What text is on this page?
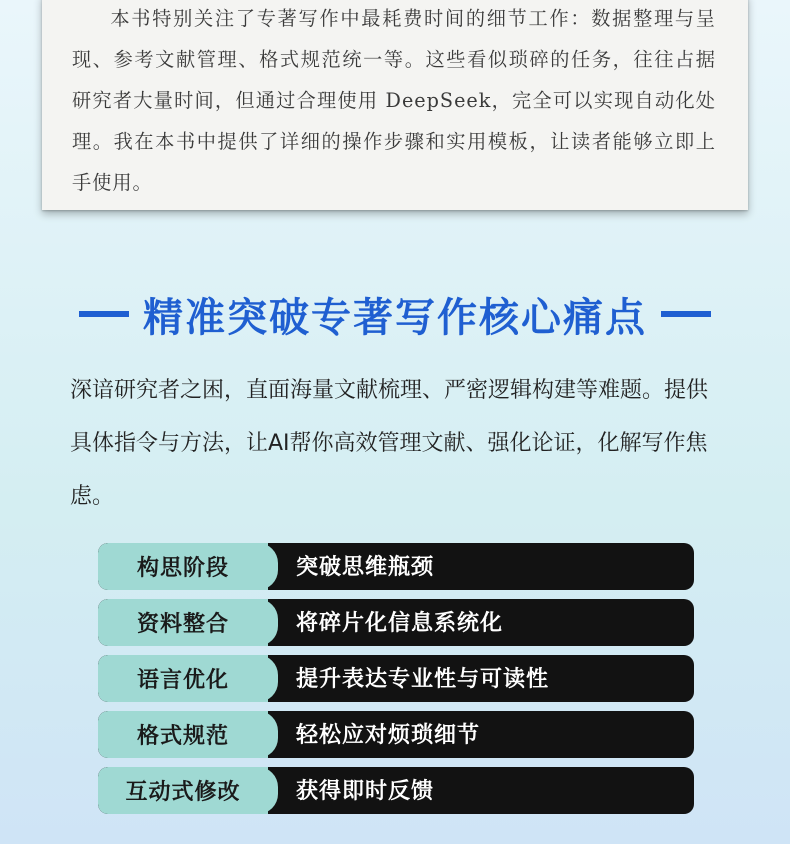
本书特别关注了专著写作中最耗费时间的细节工作：数据整理与呈现、参考文献管理、格式规范统一等。这些看似琐碎的任务，往往占据研究者大量时间，但通过合理使用 DeepSeek，完全可以实现自动化处理。我在本书中提供了详细的操作步骤和实用模板，让读者能够立即上手使用。

精准突破专著写作核心痛点

深谙研究者之困，直面海量文献梳理、严密逻辑构建等难题。提供具体指令与方法，让AI帮你高效管理文献、强化论证，化解写作焦虑。

构思阶段	突破思维瓶颈
资料整合	将碎片化信息系统化
语言优化	提升表达专业性与可读性
格式规范	轻松应对烦琐细节
互动式修改	获得即时反馈
